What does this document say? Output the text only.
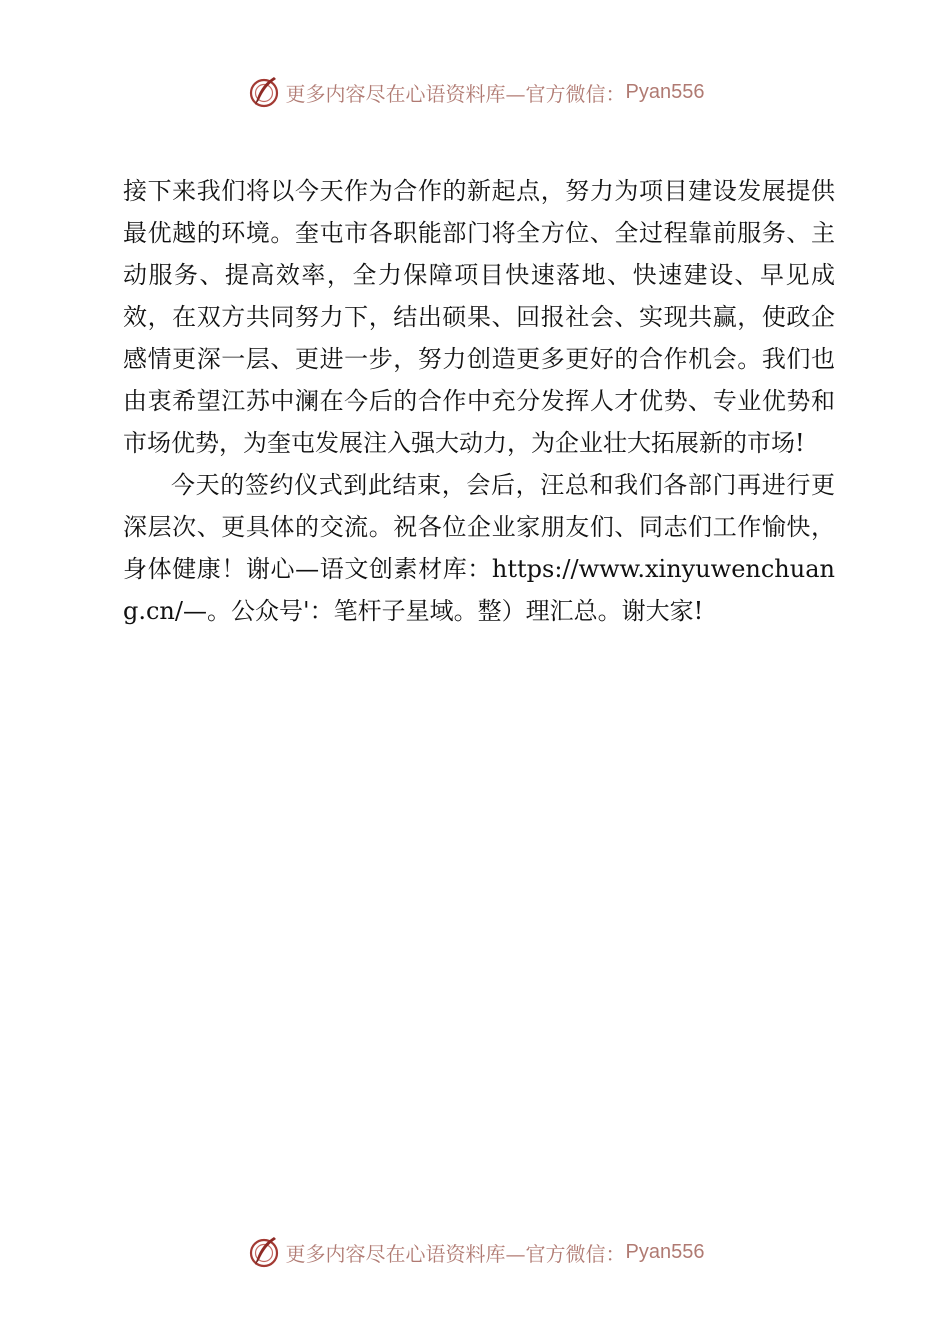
更多内容尽在心语资料库—官方微信： Pyan556

接下来我们将以今天作为合作的新起点，努力为项目建设发展提供最优越的环境。奎屯市各职能部门将全方位、全过程靠前服务、主动服务、提高效率，全力保障项目快速落地、快速建设、早见成效，在双方共同努力下，结出硕果、回报社会、实现共赢，使政企感情更深一层、更进一步，努力创造更多更好的合作机会。我们也由衷希望江苏中澜在今后的合作中充分发挥人才优势、专业优势和市场优势，为奎屯发展注入强大动力，为企业壮大拓展新的市场!

今天的签约仪式到此结束，会后，汪总和我们各部门再进行更深层次、更具体的交流。祝各位企业家朋友们、同志们工作愉快，身体健康！谢心—语文创素材库：https://www.xinyuwenchuang.cn/—。公众号'：笔杆子星域。整）理汇总。谢大家!

更多内容尽在心语资料库—官方微信： Pyan556
